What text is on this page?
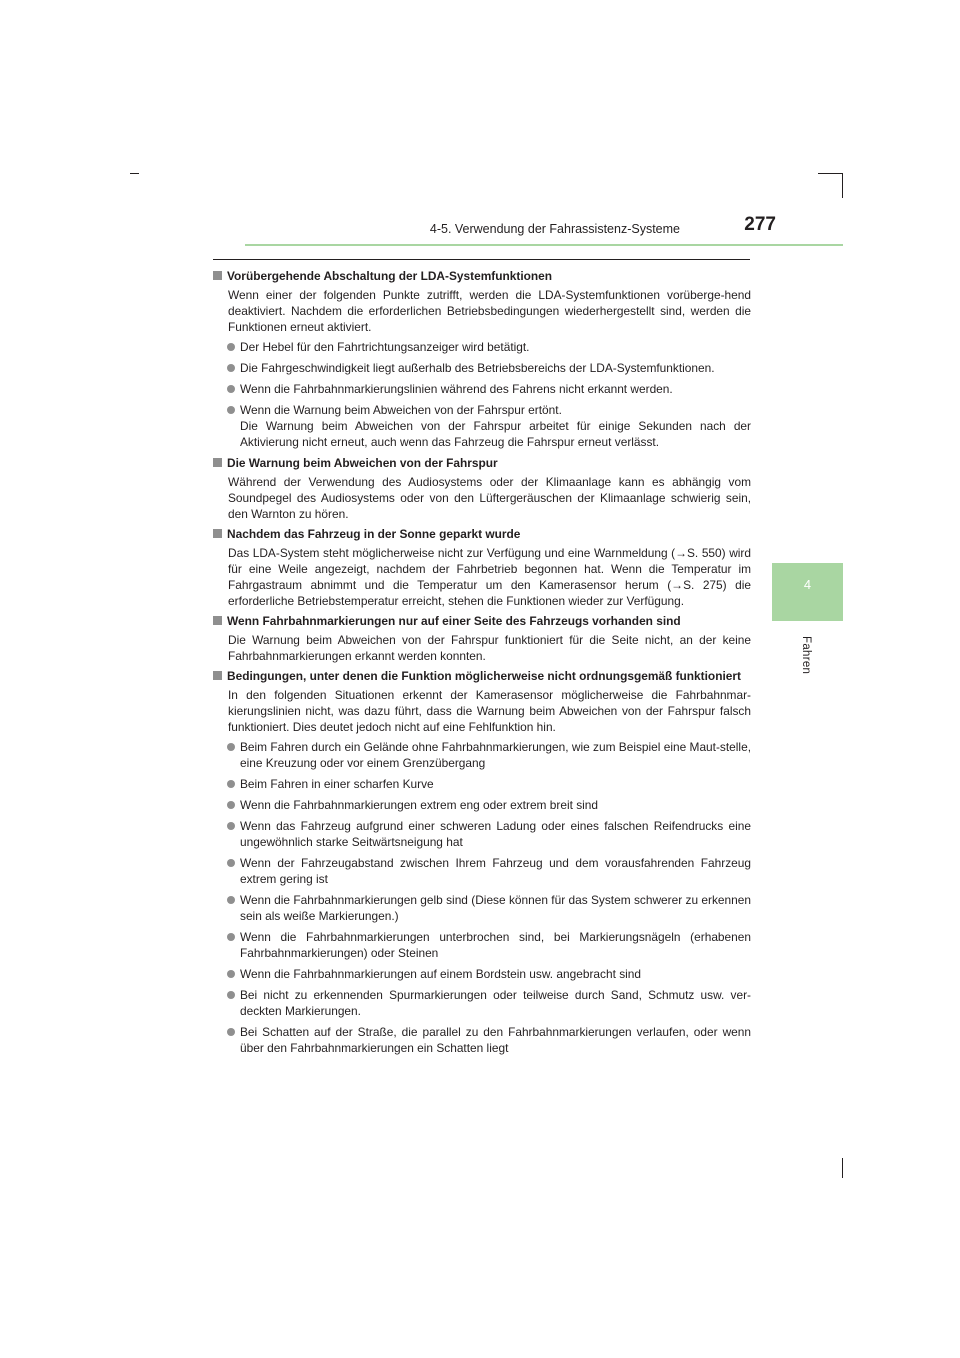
4-5. Verwendung der Fahrassistenz-Systeme	277
4
Fahren
Vorübergehende Abschaltung der LDA-Systemfunktionen
Wenn einer der folgenden Punkte zutrifft, werden die LDA-Systemfunktionen vorüberge-hend deaktiviert. Nachdem die erforderlichen Betriebsbedingungen wiederhergestellt sind, werden die Funktionen erneut aktiviert.
Der Hebel für den Fahrtrichtungsanzeiger wird betätigt.
Die Fahrgeschwindigkeit liegt außerhalb des Betriebsbereichs der LDA-Systemfunktionen.
Wenn die Fahrbahnmarkierungslinien während des Fahrens nicht erkannt werden.
Wenn die Warnung beim Abweichen von der Fahrspur ertönt.
Die Warnung beim Abweichen von der Fahrspur arbeitet für einige Sekunden nach der Aktivierung nicht erneut, auch wenn das Fahrzeug die Fahrspur erneut verlässt.
Die Warnung beim Abweichen von der Fahrspur
Während der Verwendung des Audiosystems oder der Klimaanlage kann es abhängig vom Soundpegel des Audiosystems oder von den Lüftergeräuschen der Klimaanlage schwierig sein, den Warnton zu hören.
Nachdem das Fahrzeug in der Sonne geparkt wurde
Das LDA-System steht möglicherweise nicht zur Verfügung und eine Warnmeldung (→S. 550) wird für eine Weile angezeigt, nachdem der Fahrbetrieb begonnen hat. Wenn die Temperatur im Fahrgastraum abnimmt und die Temperatur um den Kamerasensor herum (→S. 275) die erforderliche Betriebstemperatur erreicht, stehen die Funktionen wieder zur Verfügung.
Wenn Fahrbahnmarkierungen nur auf einer Seite des Fahrzeugs vorhanden sind
Die Warnung beim Abweichen von der Fahrspur funktioniert für die Seite nicht, an der keine Fahrbahnmarkierungen erkannt werden konnten.
Bedingungen, unter denen die Funktion möglicherweise nicht ordnungsgemäß funktioniert
In den folgenden Situationen erkennt der Kamerasensor möglicherweise die Fahrbahnmar-kierungslinien nicht, was dazu führt, dass die Warnung beim Abweichen von der Fahrspur falsch funktioniert. Dies deutet jedoch nicht auf eine Fehlfunktion hin.
Beim Fahren durch ein Gelände ohne Fahrbahnmarkierungen, wie zum Beispiel eine Maut-stelle, eine Kreuzung oder vor einem Grenzübergang
Beim Fahren in einer scharfen Kurve
Wenn die Fahrbahnmarkierungen extrem eng oder extrem breit sind
Wenn das Fahrzeug aufgrund einer schweren Ladung oder eines falschen Reifendrucks eine ungewöhnlich starke Seitwärtsneigung hat
Wenn der Fahrzeugabstand zwischen Ihrem Fahrzeug und dem vorausfahrenden Fahrzeug extrem gering ist
Wenn die Fahrbahnmarkierungen gelb sind (Diese können für das System schwerer zu erkennen sein als weiße Markierungen.)
Wenn die Fahrbahnmarkierungen unterbrochen sind, bei Markierungsnägeln (erhabenen Fahrbahnmarkierungen) oder Steinen
Wenn die Fahrbahnmarkierungen auf einem Bordstein usw. angebracht sind
Bei nicht zu erkennenden Spurmarkierungen oder teilweise durch Sand, Schmutz usw. ver-deckten Markierungen.
Bei Schatten auf der Straße, die parallel zu den Fahrbahnmarkierungen verlaufen, oder wenn über den Fahrbahnmarkierungen ein Schatten liegt
